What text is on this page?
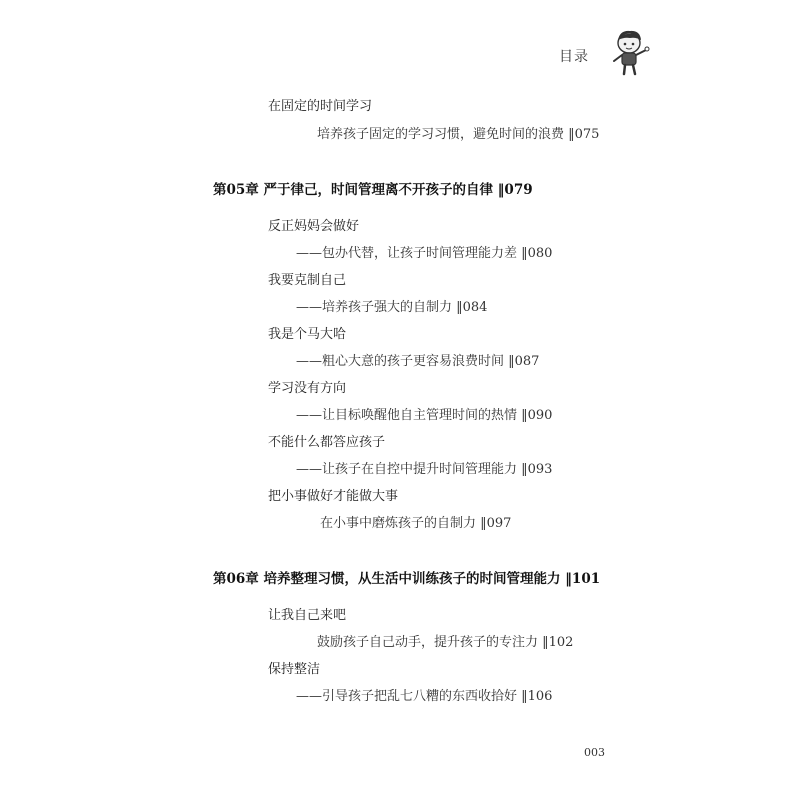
目录
在固定的时间学习
培养孩子固定的学习习惯，避免时间的浪费 ‖075
第05章 严于律己，时间管理离不开孩子的自律 ‖079
反正妈妈会做好
——包办代替，让孩子时间管理能力差 ‖080
我要克制自己
——培养孩子强大的自制力 ‖084
我是个马大哈
——粗心大意的孩子更容易浪费时间 ‖087
学习没有方向
——让目标唤醒他自主管理时间的热情 ‖090
不能什么都答应孩子
——让孩子在自控中提升时间管理能力 ‖093
把小事做好才能做大事
在小事中磨炼孩子的自制力 ‖097
第06章 培养整理习惯，从生活中训练孩子的时间管理能力 ‖101
让我自己来吧
鼓励孩子自己动手，提升孩子的专注力 ‖102
保持整洁
——引导孩子把乱七八糟的东西收拾好 ‖106
003
